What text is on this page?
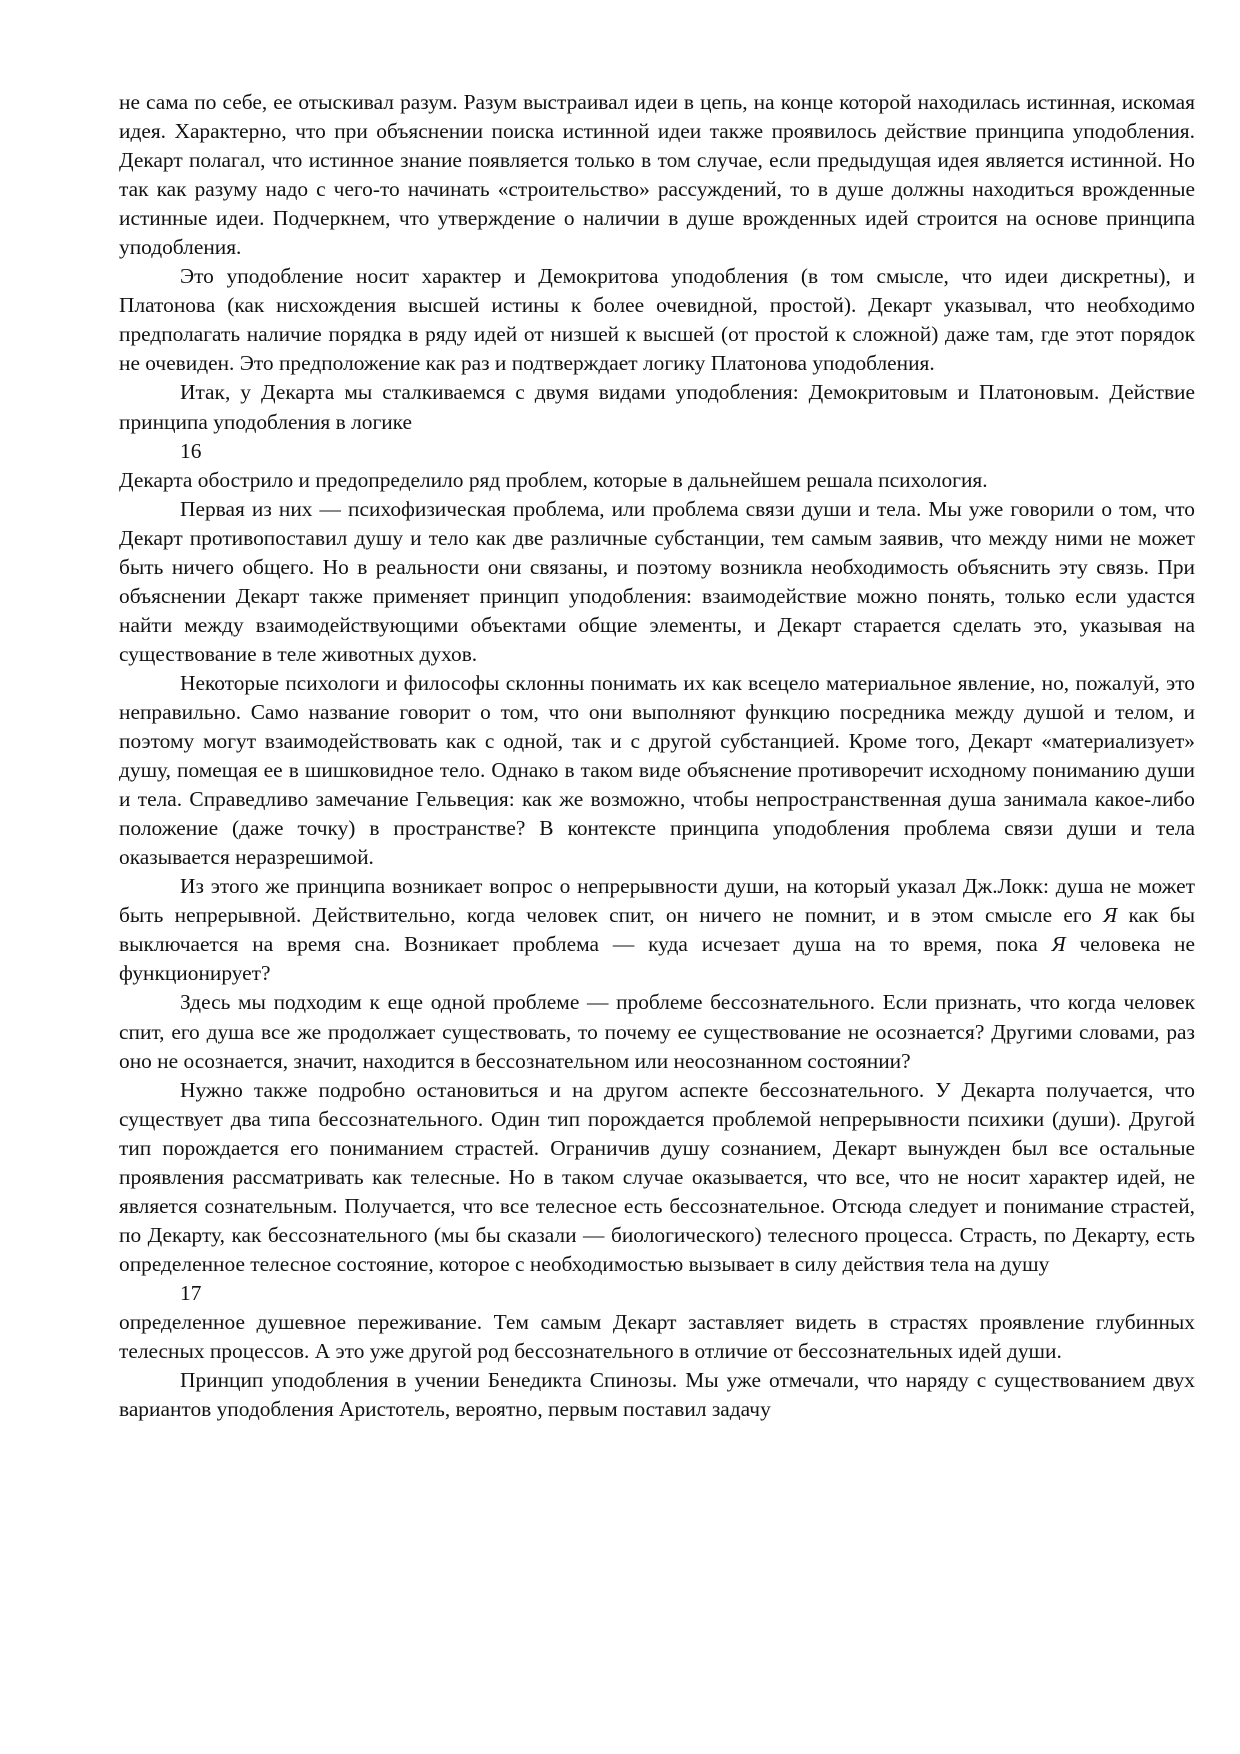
не сама по себе, ее отыскивал разум. Разум выстраивал идеи в цепь, на конце которой находилась истинная, искомая идея. Характерно, что при объяснении поиска истинной идеи также проявилось действие принципа уподобления. Декарт полагал, что истинное знание появляется только в том случае, если предыдущая идея является истинной. Но так как разуму надо с чего-то начинать «строительство» рассуждений, то в душе должны находиться врожденные истинные идеи. Подчеркнем, что утверждение о наличии в душе врожденных идей строится на основе принципа уподобления.

Это уподобление носит характер и Демокритова уподобления (в том смысле, что идеи дискретны), и Платонова (как нисхождения высшей истины к более очевидной, простой). Декарт указывал, что необходимо предполагать наличие порядка в ряду идей от низшей к высшей (от простой к сложной) даже там, где этот порядок не очевиден. Это предположение как раз и подтверждает логику Платонова уподобления.

Итак, у Декарта мы сталкиваемся с двумя видами уподобления: Демокритовым и Платоновым. Действие принципа уподобления в логике

16

Декарта обострило и предопределило ряд проблем, которые в дальнейшем решала психология.

Первая из них — психофизическая проблема, или проблема связи души и тела. Мы уже говорили о том, что Декарт противопоставил душу и тело как две различные субстанции, тем самым заявив, что между ними не может быть ничего общего. Но в реальности они связаны, и поэтому возникла необходимость объяснить эту связь. При объяснении Декарт также применяет принцип уподобления: взаимодействие можно понять, только если удастся найти между взаимодействующими объектами общие элементы, и Декарт старается сделать это, указывая на существование в теле животных духов.

Некоторые психологи и философы склонны понимать их как всецело материальное явление, но, пожалуй, это неправильно. Само название говорит о том, что они выполняют функцию посредника между душой и телом, и поэтому могут взаимодействовать как с одной, так и с другой субстанцией. Кроме того, Декарт «материализует» душу, помещая ее в шишковидное тело. Однако в таком виде объяснение противоречит исходному пониманию души и тела. Справедливо замечание Гельвеция: как же возможно, чтобы непространственная душа занимала какое-либо положение (даже точку) в пространстве? В контексте принципа уподобления проблема связи души и тела оказывается неразрешимой.

Из этого же принципа возникает вопрос о непрерывности души, на который указал Дж.Локк: душа не может быть непрерывной. Действительно, когда человек спит, он ничего не помнит, и в этом смысле его Я как бы выключается на время сна. Возникает проблема — куда исчезает душа на то время, пока Я человека не функционирует?

Здесь мы подходим к еще одной проблеме — проблеме бессознательного. Если признать, что когда человек спит, его душа все же продолжает существовать, то почему ее существование не осознается? Другими словами, раз оно не осознается, значит, находится в бессознательном или неосознанном состоянии?

Нужно также подробно остановиться и на другом аспекте бессознательного. У Декарта получается, что существует два типа бессознательного. Один тип порождается проблемой непрерывности психики (души). Другой тип порождается его пониманием страстей. Ограничив душу сознанием, Декарт вынужден был все остальные проявления рассматривать как телесные. Но в таком случае оказывается, что все, что не носит характер идей, не является сознательным. Получается, что все телесное есть бессознательное. Отсюда следует и понимание страстей, по Декарту, как бессознательного (мы бы сказали — биологического) телесного процесса. Страсть, по Декарту, есть определенное телесное состояние, которое с необходимостью вызывает в силу действия тела на душу

17

определенное душевное переживание. Тем самым Декарт заставляет видеть в страстях проявление глубинных телесных процессов. А это уже другой род бессознательного в отличие от бессознательных идей души.

Принцип уподобления в учении Бенедикта Спинозы. Мы уже отмечали, что наряду с существованием двух вариантов уподобления Аристотель, вероятно, первым поставил задачу
